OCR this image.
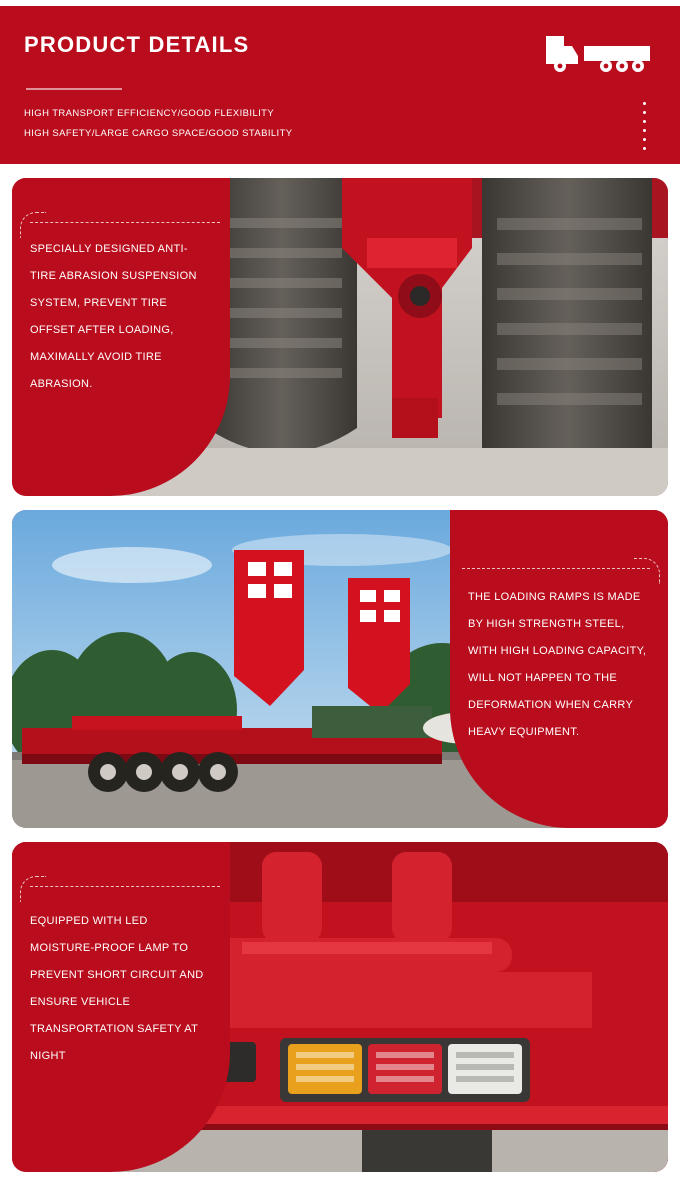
PRODUCT DETAILS
HIGH TRANSPORT EFFICIENCY/GOOD FLEXIBILITY
HIGH SAFETY/LARGE CARGO SPACE/GOOD STABILITY
SPECIALLY DESIGNED ANTI-TIRE ABRASION SUSPENSION SYSTEM, PREVENT TIRE OFFSET AFTER LOADING, MAXIMALLY AVOID TIRE ABRASION.
THE LOADING RAMPS IS MADE BY HIGH STRENGTH STEEL, WITH HIGH LOADING CAPACITY, WILL NOT HAPPEN TO THE DEFORMATION WHEN CARRY HEAVY EQUIPMENT.
EQUIPPED WITH LED MOISTURE-PROOF LAMP TO PREVENT SHORT CIRCUIT AND ENSURE VEHICLE TRANSPORTATION SAFETY AT NIGHT
